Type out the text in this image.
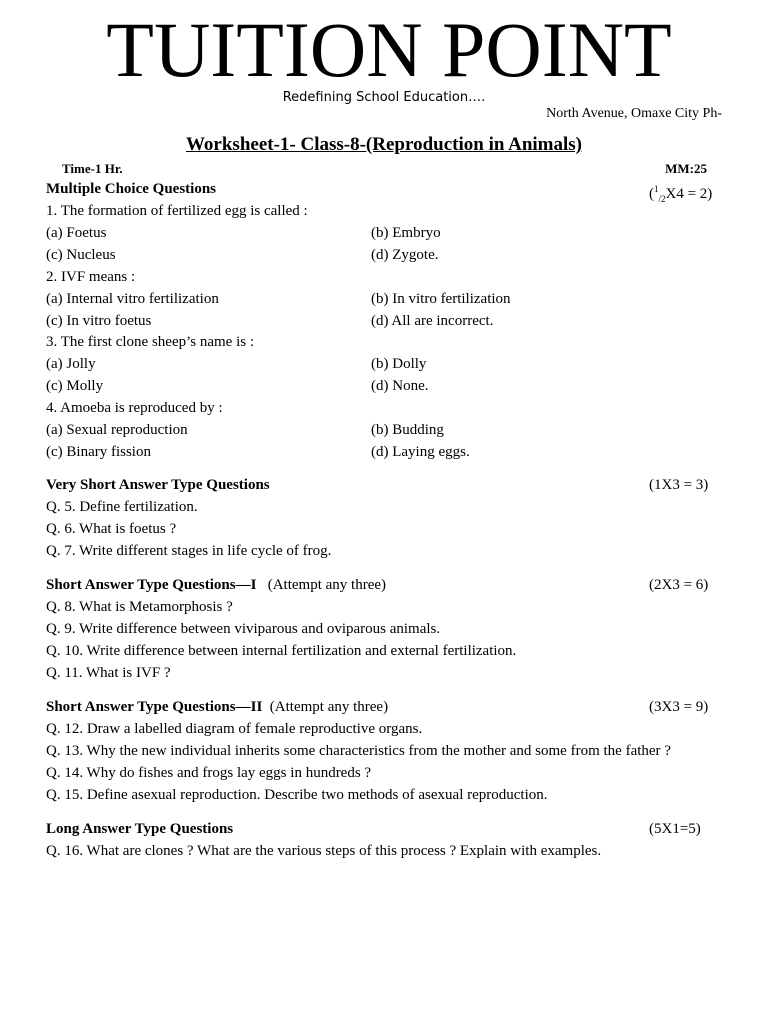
TUITION POINT
Redefining School Education….
North Avenue, Omaxe City Ph-
Worksheet-1- Class-8-(Reproduction in Animals)
Time-1 Hr.	MM:25
Multiple Choice Questions	($^1_{/2}$X4 = 2)
1. The formation of fertilized egg is called :
(a) Foetus	(b) Embryo
(c) Nucleus	(d) Zygote.
2. IVF means :
(a) Internal vitro fertilization	(b) In vitro fertilization
(c) In vitro foetus	(d) All are incorrect.
3. The first clone sheep’s name is :
(a) Jolly	(b) Dolly
(c) Molly	(d) None.
4. Amoeba is reproduced by :
(a) Sexual reproduction	(b) Budding
(c) Binary fission	(d) Laying eggs.
Very Short Answer Type Questions	(1X3 = 3)
Q. 5. Define fertilization.
Q. 6. What is foetus ?
Q. 7. Write different stages in life cycle of frog.
Short Answer Type Questions—I (Attempt any three)	(2X3 = 6)
Q. 8. What is Metamorphosis ?
Q. 9. Write difference between viviparous and oviparous animals.
Q. 10. Write difference between internal fertilization and external fertilization.
Q. 11. What is IVF ?
Short Answer Type Questions—II (Attempt any three)	(3X3 = 9)
Q. 12. Draw a labelled diagram of female reproductive organs.
Q. 13. Why the new individual inherits some characteristics from the mother and some from the father ?
Q. 14. Why do fishes and frogs lay eggs in hundreds ?
Q. 15. Define asexual reproduction. Describe two methods of asexual reproduction.
Long Answer Type Questions	(5X1=5)
Q. 16. What are clones ? What are the various steps of this process ? Explain with examples.
